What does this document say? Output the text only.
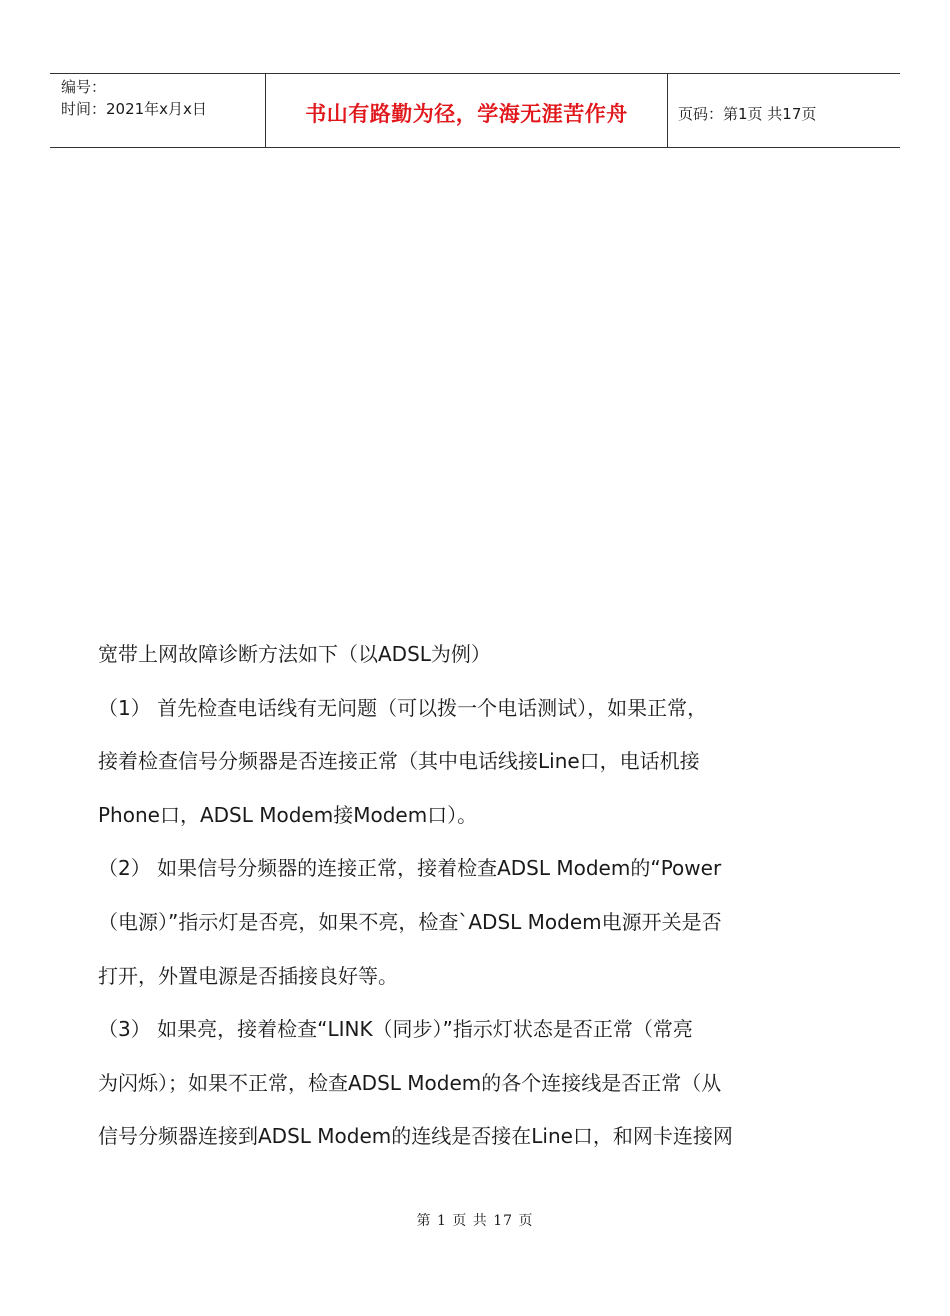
编号：
时间：2021年x月x日	书山有路勤为径，学海无涯苦作舟	页码：第1页 共17页

宽带上网故障诊断方法如下（以ADSL为例）

（1） 首先检查电话线有无问题（可以拨一个电话测试），如果正常，

接着检查信号分频器是否连接正常（其中电话线接Line口，电话机接

Phone口，ADSL Modem接Modem口）。

（2） 如果信号分频器的连接正常，接着检查ADSL Modem的“Power

（电源）”指示灯是否亮，如果不亮，检查`ADSL Modem电源开关是否

打开，外置电源是否插接良好等。

（3） 如果亮，接着检查“LINK（同步）”指示灯状态是否正常（常亮

为闪烁）；如果不正常，检查ADSL Modem的各个连接线是否正常（从

信号分频器连接到ADSL Modem的连线是否接在Line口，和网卡连接网

第 1 页 共 17 页
